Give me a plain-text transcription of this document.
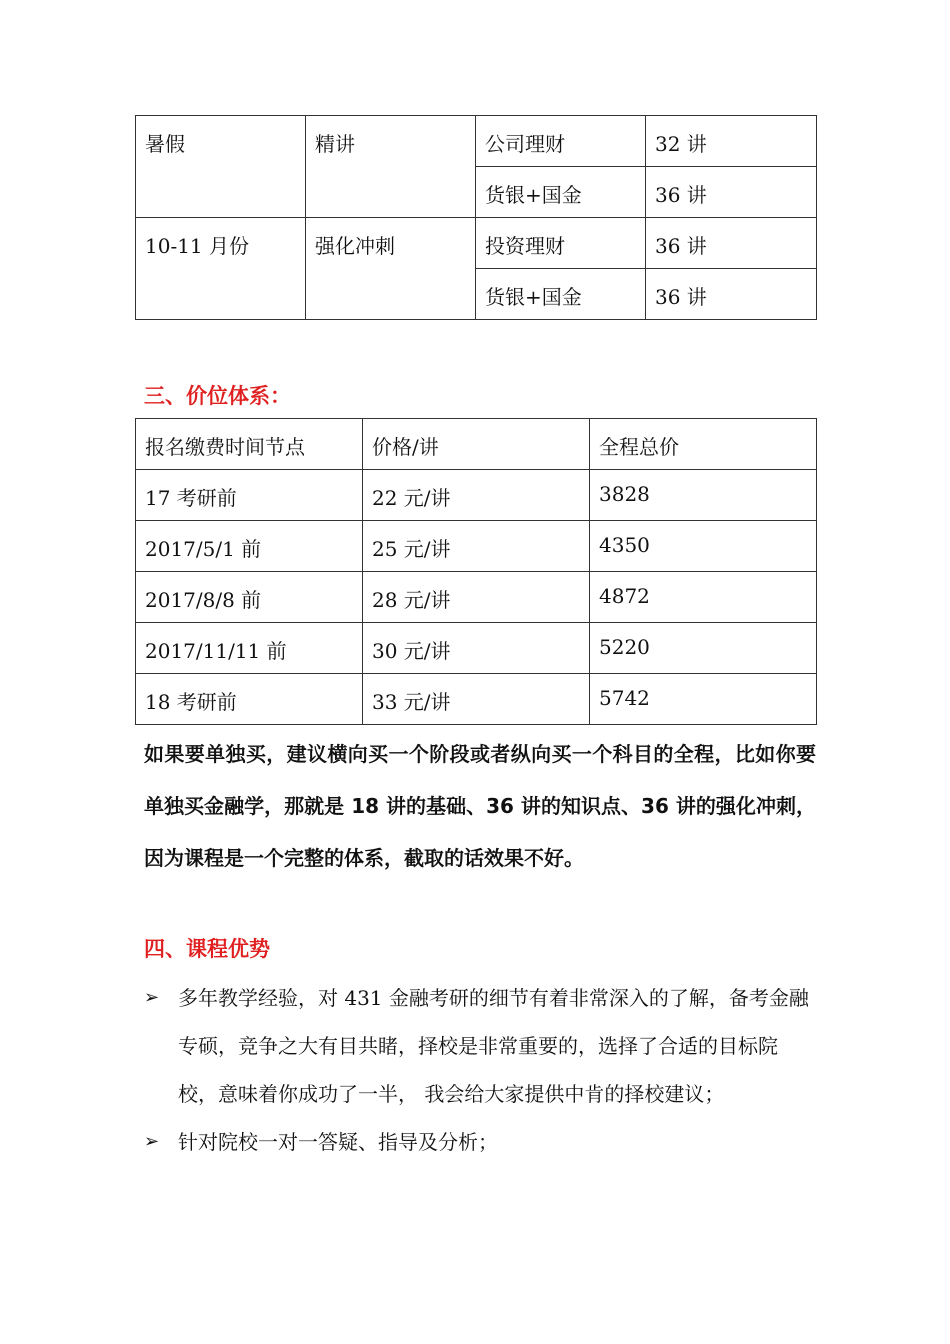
暑假	精讲	公司理财	32 讲
		货银+国金	36 讲
10-11 月份	强化冲刺	投资理财	36 讲
		货银+国金	36 讲
三、价位体系：
报名缴费时间节点	价格/讲	全程总价
17 考研前	22 元/讲	3828
2017/5/1 前	25 元/讲	4350
2017/8/8 前	28 元/讲	4872
2017/11/11 前	30 元/讲	5220
18 考研前	33 元/讲	5742
如果要单独买，建议横向买一个阶段或者纵向买一个科目的全程，比如你要单独买金融学，那就是 18 讲的基础、36 讲的知识点、36 讲的强化冲刺，因为课程是一个完整的体系，截取的话效果不好。
四、课程优势
➢ 多年教学经验，对 431 金融考研的细节有着非常深入的了解，备考金融专硕，竞争之大有目共睹，择校是非常重要的，选择了合适的目标院校，意味着你成功了一半， 我会给大家提供中肯的择校建议；
➢ 针对院校一对一答疑、指导及分析；
